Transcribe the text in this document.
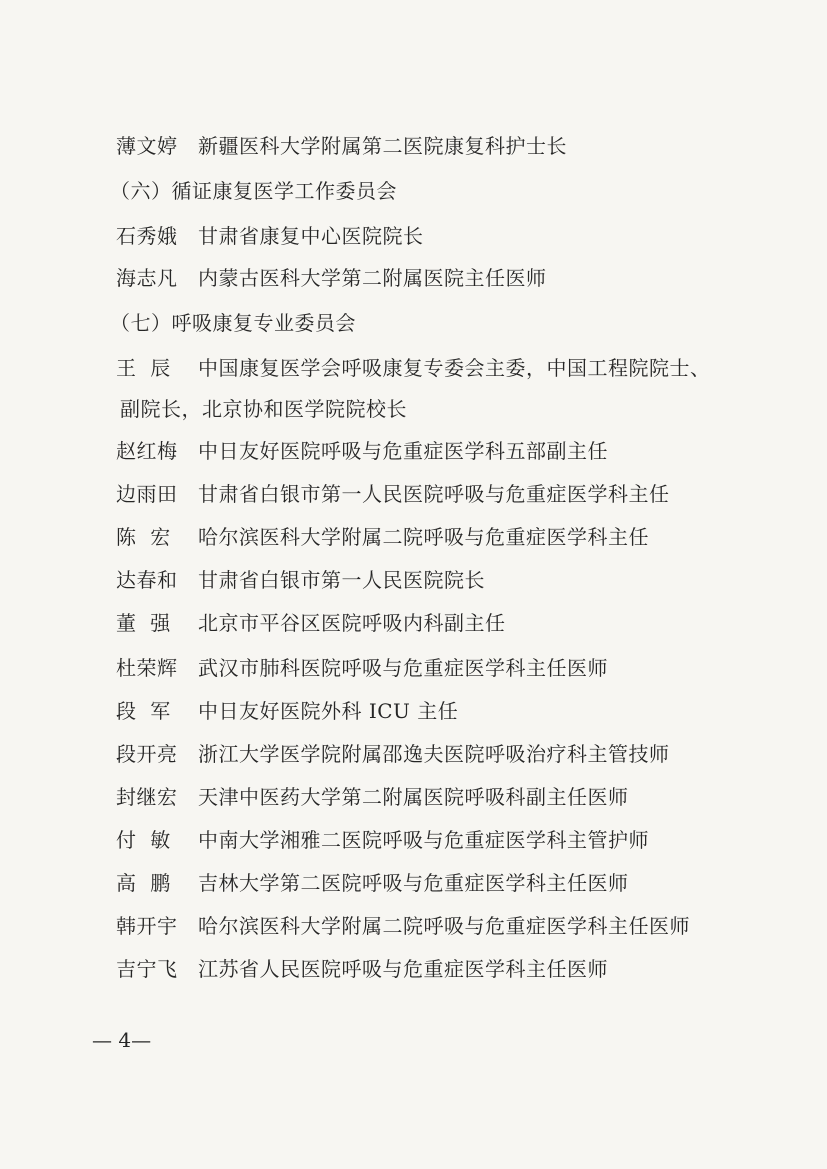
薄文婷 新疆医科大学附属第二医院康复科护士长
（六）循证康复医学工作委员会
石秀娥 甘肃省康复中心医院院长
海志凡 内蒙古医科大学第二附属医院主任医师
（七）呼吸康复专业委员会
王  辰 中国康复医学会呼吸康复专委会主委，中国工程院院士、
副院长，北京协和医学院院校长
赵红梅 中日友好医院呼吸与危重症医学科五部副主任
边雨田 甘肃省白银市第一人民医院呼吸与危重症医学科主任
陈  宏 哈尔滨医科大学附属二院呼吸与危重症医学科主任
达春和 甘肃省白银市第一人民医院院长
董  强 北京市平谷区医院呼吸内科副主任
杜荣辉 武汉市肺科医院呼吸与危重症医学科主任医师
段  军 中日友好医院外科 ICU 主任
段开亮 浙江大学医学院附属邵逸夫医院呼吸治疗科主管技师
封继宏 天津中医药大学第二附属医院呼吸科副主任医师
付  敏 中南大学湘雅二医院呼吸与危重症医学科主管护师
高  鹏 吉林大学第二医院呼吸与危重症医学科主任医师
韩开宇 哈尔滨医科大学附属二院呼吸与危重症医学科主任医师
吉宁飞 江苏省人民医院呼吸与危重症医学科主任医师
— 4—
